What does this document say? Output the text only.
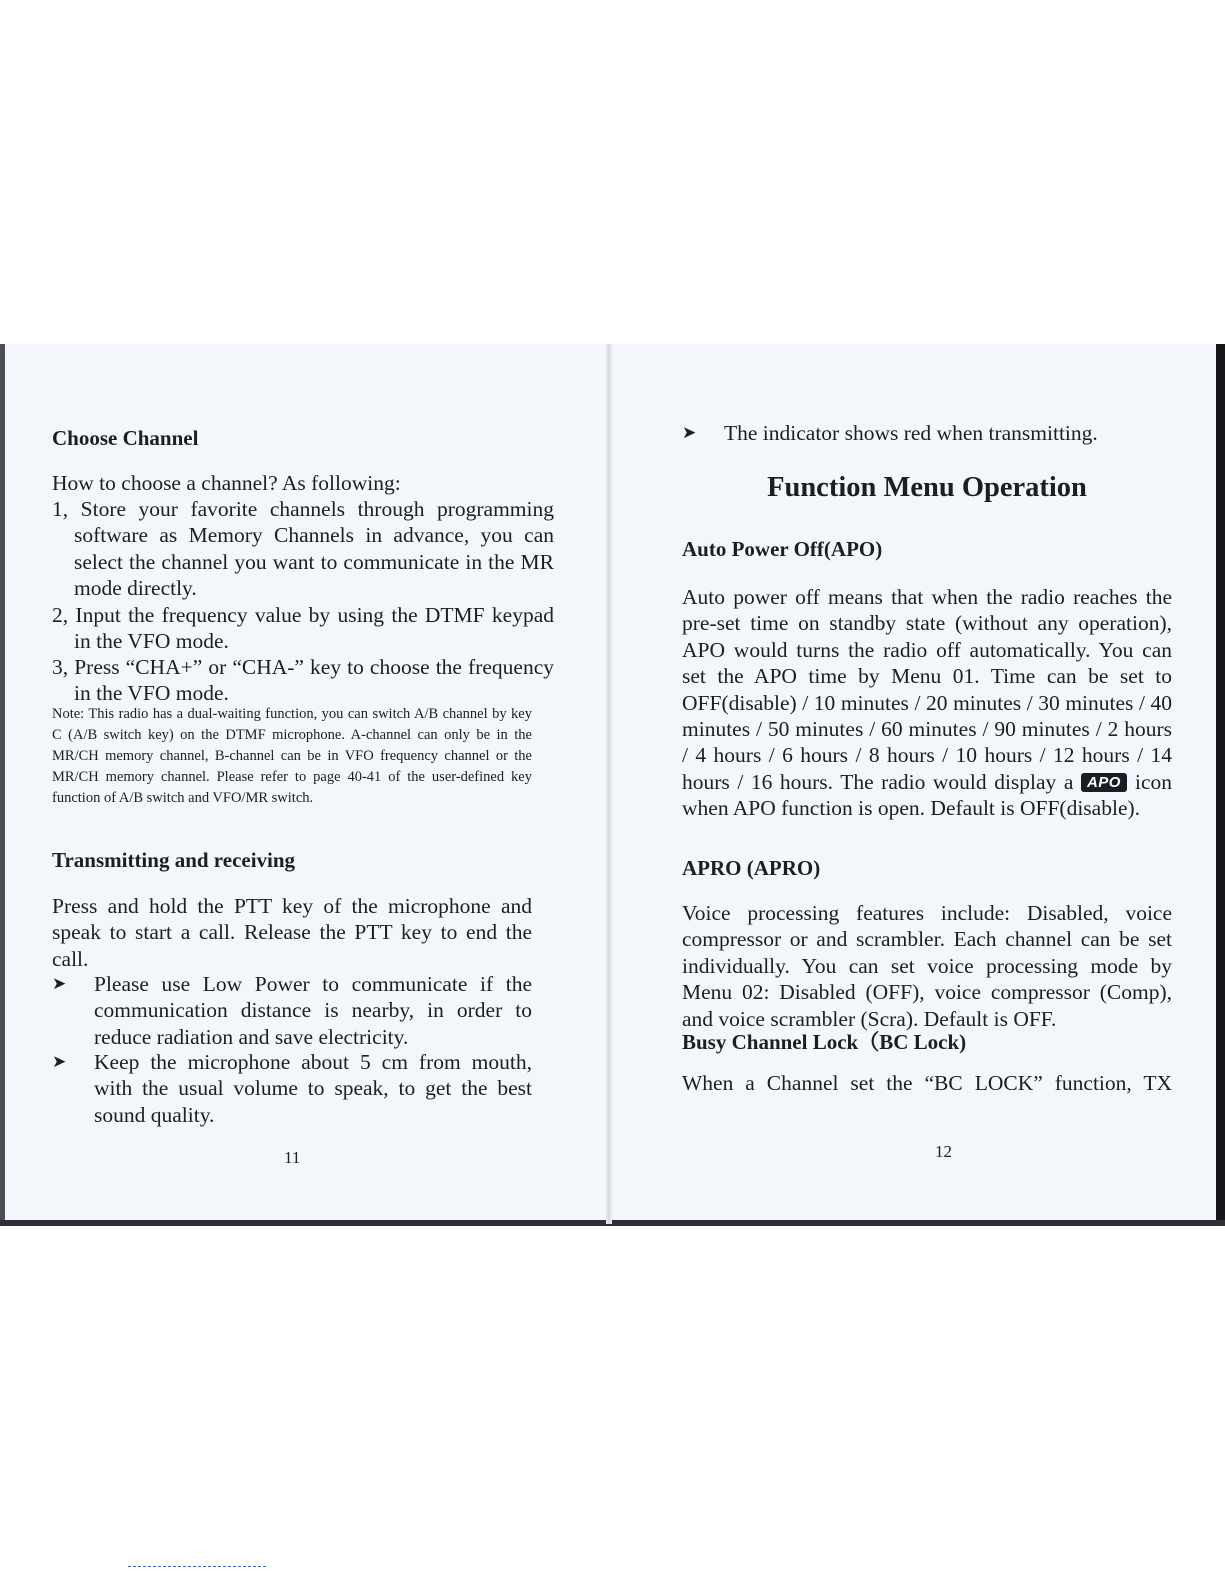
Choose Channel

How to choose a channel? As following:

1, Store your favorite channels through programming software as Memory Channels in advance, you can select the channel you want to communicate in the MR mode directly.

2, Input the frequency value by using the DTMF keypad in the VFO mode.

3, Press “CHA+” or “CHA-” key to choose the frequency in the VFO mode.

Note: This radio has a dual-waiting function, you can switch A/B channel by key C (A/B switch key) on the DTMF microphone. A-channel can only be in the MR/CH memory channel, B-channel can be in VFO frequency channel or the MR/CH memory channel. Please refer to page 40-41 of the user-defined key function of A/B switch and VFO/MR switch.

Transmitting and receiving

Press and hold the PTT key of the microphone and speak to start a call. Release the PTT key to end the call.

➤ Please use Low Power to communicate if the communication distance is nearby, in order to reduce radiation and save electricity.

➤ Keep the microphone about 5 cm from mouth, with the usual volume to speak, to get the best sound quality.

11
➤ The indicator shows red when transmitting.

Function Menu Operation
Auto Power Off(APO)

Auto power off means that when the radio reaches the pre-set time on standby state (without any operation), APO would turns the radio off automatically. You can set the APO time by Menu 01. Time can be set to OFF(disable) / 10 minutes / 20 minutes / 30 minutes / 40 minutes / 50 minutes / 60 minutes / 90 minutes / 2 hours / 4 hours / 6 hours / 8 hours / 10 hours / 12 hours / 14 hours / 16 hours. The radio would display a APO icon when APO function is open. Default is OFF(disable).

APRO (APRO)

Voice processing features include: Disabled, voice compressor or and scrambler. Each channel can be set individually. You can set voice processing mode by Menu 02: Disabled (OFF), voice compressor (Comp), and voice scrambler (Scra). Default is OFF.

Busy Channel Lock（BC Lock)

When a Channel set the “BC LOCK” function, TX

12
